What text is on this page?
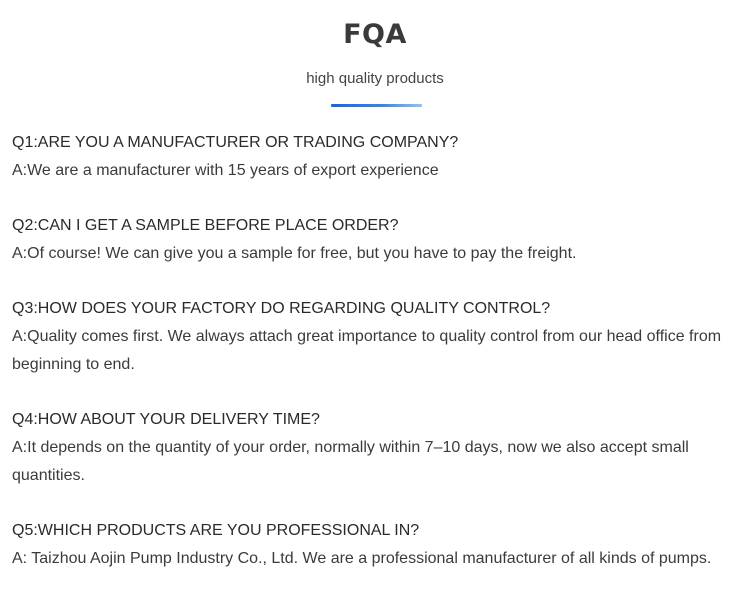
FQA
high quality products
Q1:ARE YOU A MANUFACTURER OR TRADING COMPANY?
A:We are a manufacturer with 15 years of export experience
Q2:CAN I GET A SAMPLE BEFORE PLACE ORDER?
A:Of course! We can give you a sample for free, but you have to pay the freight.
Q3:HOW DOES YOUR FACTORY DO REGARDING QUALITY CONTROL?
A:Quality comes first. We always attach great importance to quality control from our head office from beginning to end.
Q4:HOW ABOUT YOUR DELIVERY TIME?
A:It depends on the quantity of your order, normally within 7–10 days, now we also accept small quantities.
Q5:WHICH PRODUCTS ARE YOU PROFESSIONAL IN?
A: Taizhou Aojin Pump Industry Co., Ltd. We are a professional manufacturer of all kinds of pumps.
